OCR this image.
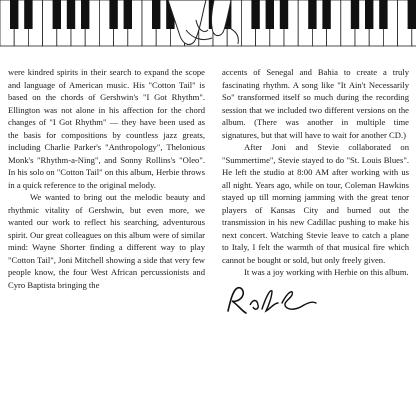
were kindred spirits in their search to expand the scope and language of American music. His "Cotton Tail" is based on the chords of Gershwin's "I Got Rhythm". Ellington was not alone in his affection for the chord changes of "I Got Rhythm" — they have been used as the basis for compositions by countless jazz greats, including Charlie Parker's "Anthropology", Thelonious Monk's "Rhythm-a-Ning", and Sonny Rollins's "Oleo". In his solo on "Cotton Tail" on this album, Herbie throws in a quick reference to the original melody.

We wanted to bring out the melodic beauty and rhythmic vitality of Gershwin, but even more, we wanted our work to reflect his searching, adventurous spirit. Our great colleagues on this album were of similar mind: Wayne Shorter finding a different way to play "Cotton Tail", Joni Mitchell showing a side that very few people know, the four West African percussionists and Cyro Baptista bringing the

accents of Senegal and Bahia to create a truly fascinating rhythm. A song like "It Ain't Necessarily So" transformed itself so much during the recording session that we included two different versions on the album. (There was another in multiple time signatures, but that will have to wait for another CD.)

After Joni and Stevie collaborated on "Summertime", Stevie stayed to do "St. Louis Blues". He left the studio at 8:00 AM after working with us all night. Years ago, while on tour, Coleman Hawkins stayed up till morning jamming with the great tenor players of Kansas City and burned out the transmission in his new Cadillac pushing to make his next concert. Watching Stevie leave to catch a plane to Italy, I felt the warmth of that musical fire which cannot be bought or sold, but only freely given.

It was a joy working with Herbie on this album.
